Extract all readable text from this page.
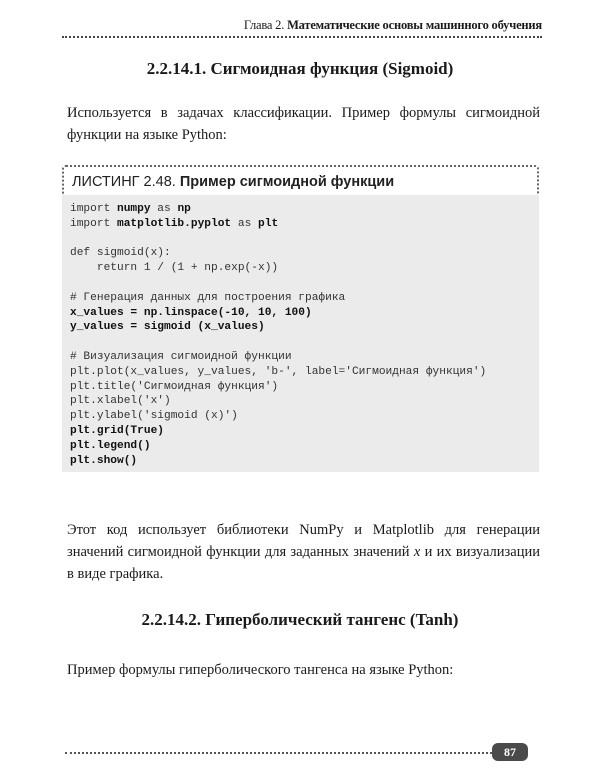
Глава 2. Математические основы машинного обучения
2.2.14.1. Сигмоидная функция (Sigmoid)
Используется в задачах классификации. Пример формулы сигмоидной функции на языке Python:
ЛИСТИНГ 2.48. Пример сигмоидной функции
import numpy as np
import matplotlib.pyplot as plt
def sigmoid(x):
return 1 / (1 + np.exp(-x))
# Генерация данных для построения графика
x_values = np.linspace(-10, 10, 100)
y_values = sigmoid (x_values)
# Визуализация сигмоидной функции
plt.plot(x_values, y_values, 'b-', label='Сигмоидная функция')
plt.title('Сигмоидная функция')
plt.xlabel('x')
plt.ylabel('sigmoid (x)')
plt.grid(True)
plt.legend()
plt.show()
Этот код использует библиотеки NumPy и Matplotlib для генерации значений сигмоидной функции для заданных значений x и их визуализации в виде графика.
2.2.14.2. Гиперболический тангенс (Tanh)
Пример формулы гиперболического тангенса на языке Python:
87
